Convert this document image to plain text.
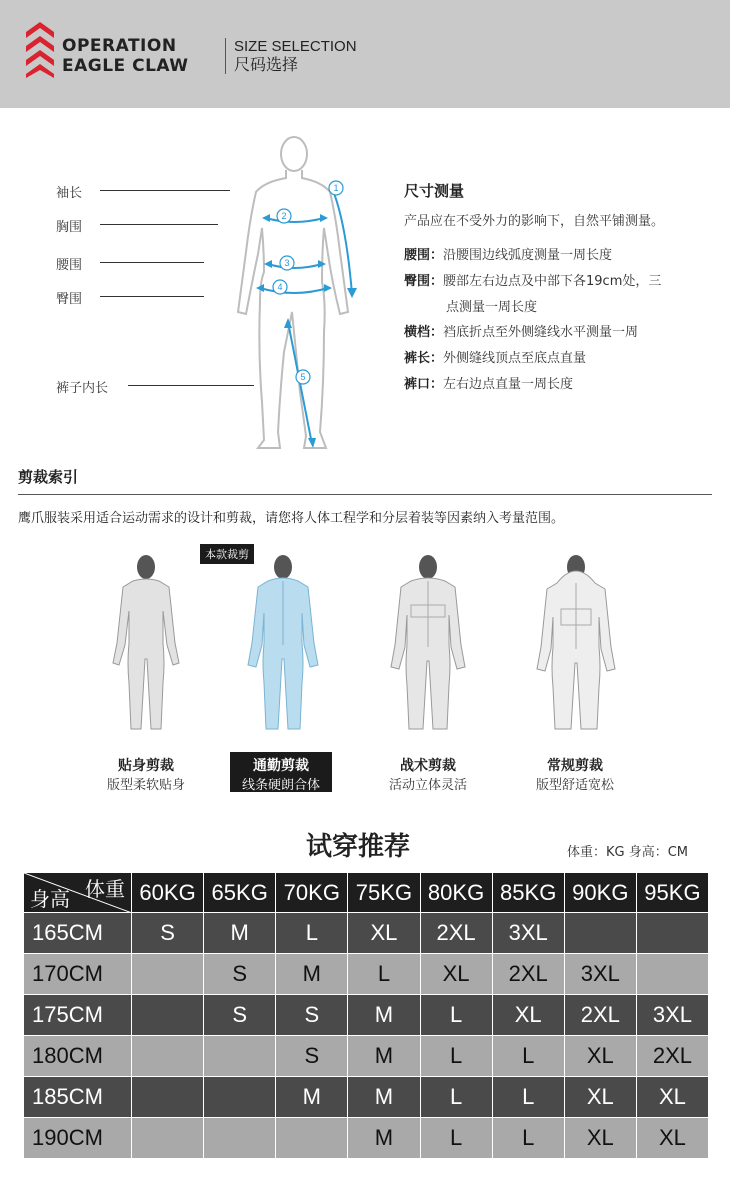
OPERATION
EAGLE CLAW
SIZE SELECTION
尺码选择
袖长
胸围
腰围
臀围
裤子内长
1
2
3
4
5
尺寸测量
产品应在不受外力的影响下，自然平铺测量。
腰围：沿腰围边线弧度测量一周长度
臀围：腰部左右边点及中部下各19cm处，三
点测量一周长度
横档：裆底折点至外侧缝线水平测量一周
裤长：外侧缝线顶点至底点直量
裤口：左右边点直量一周长度
剪裁索引
鹰爪服装采用适合运动需求的设计和剪裁，请您将人体工程学和分层着装等因素纳入考量范围。
本款裁剪
贴身剪裁
版型柔软贴身
通勤剪裁
线条硬朗合体
战术剪裁
活动立体灵活
常规剪裁
版型舒适宽松
试穿推荐	体重：KG 身高：CM
体重
身高	60KG	65KG	70KG	75KG	80KG	85KG	90KG	95KG
165CM	S	M	L	XL	2XL	3XL		
170CM		S	M	L	XL	2XL	3XL	
175CM		S	S	M	L	XL	2XL	3XL
180CM			S	M	L	L	XL	2XL
185CM			M	M	L	L	XL	XL
190CM				M	L	L	XL	XL
